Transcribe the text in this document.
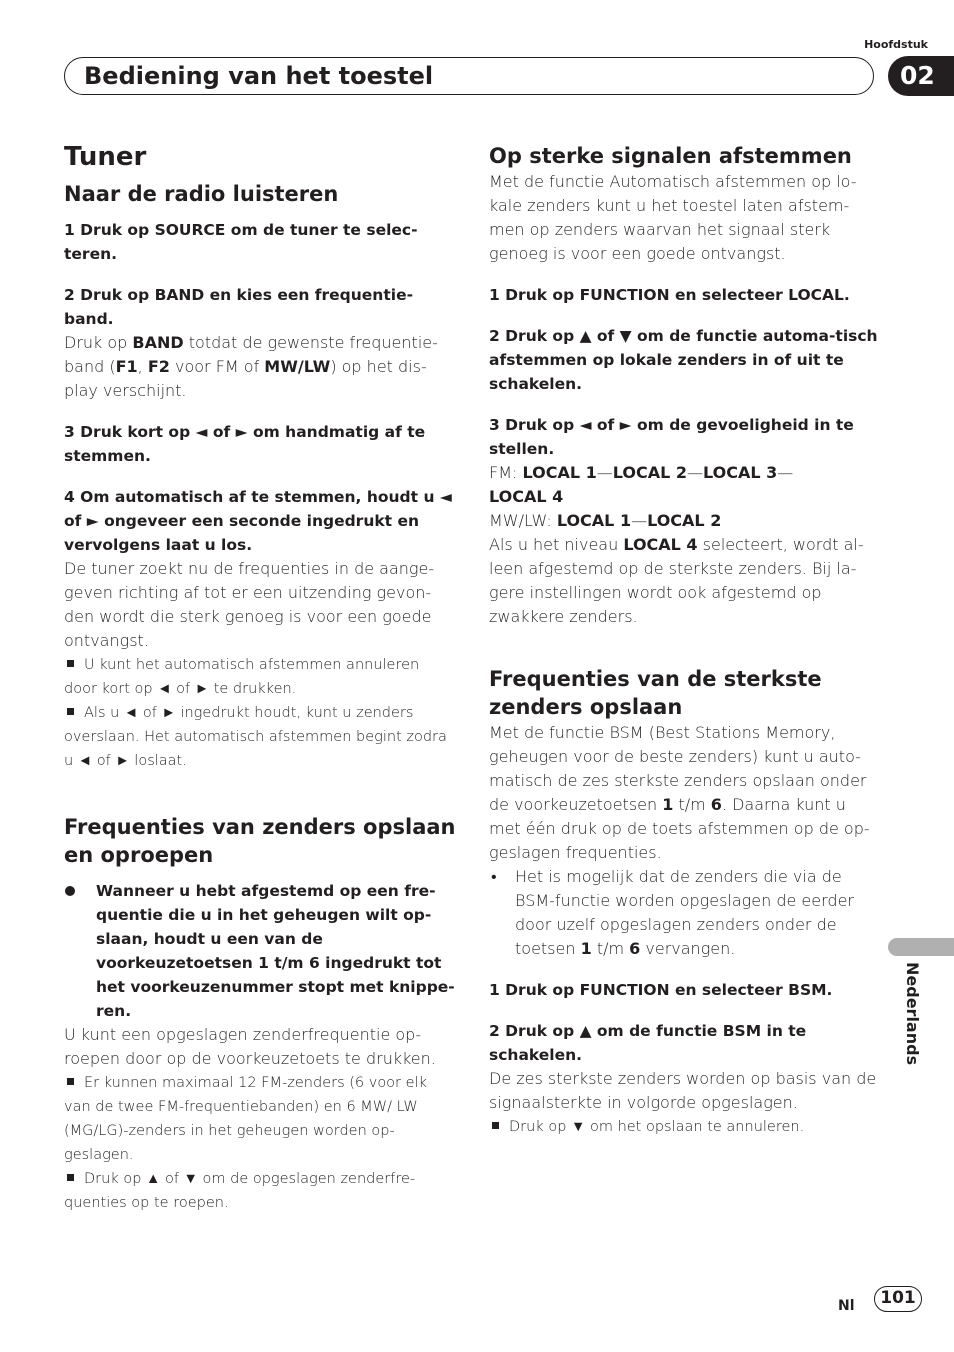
Hoofdstuk
Bediening van het toestel	02
Nederlands
Tuner
Naar de radio luisteren

1 Druk op SOURCE om de tuner te selec-teren.

2 Druk op BAND en kies een frequentie-band.

Druk op BAND totdat de gewenste frequentie-band (F1, F2 voor FM of MW/LW) op het dis-play verschijnt.

3 Druk kort op ◄ of ► om handmatig af te stemmen.

4 Om automatisch af te stemmen, houdt u ◄ of ► ongeveer een seconde ingedrukt en vervolgens laat u los.

De tuner zoekt nu de frequenties in de aange-geven richting af tot er een uitzending gevon-den wordt die sterk genoeg is voor een goede ontvangst.

U kunt het automatisch afstemmen annuleren door kort op ◄ of ► te drukken.

Als u ◄ of ► ingedrukt houdt, kunt u zenders overslaan. Het automatisch afstemmen begint zodra u ◄ of ► loslaat.

Frequenties van zenders opslaan en oproepen

Wanneer u hebt afgestemd op een fre-quentie die u in het geheugen wilt op-slaan, houdt u een van de voorkeuzetoetsen 1 t/m 6 ingedrukt tot het voorkeuzenummer stopt met knippe-ren.

U kunt een opgeslagen zenderfrequentie op-roepen door op de voorkeuzetoets te drukken.

Er kunnen maximaal 12 FM-zenders (6 voor elk van de twee FM-frequentiebanden) en 6 MW/ LW (MG/LG)-zenders in het geheugen worden op-geslagen.

Druk op ▲ of ▼ om de opgeslagen zenderfre-quenties op te roepen.

Op sterke signalen afstemmen

Met de functie Automatisch afstemmen op lo-kale zenders kunt u het toestel laten afstem-men op zenders waarvan het signaal sterk genoeg is voor een goede ontvangst.

1 Druk op FUNCTION en selecteer LOCAL.

2 Druk op ▲ of ▼ om de functie automa-tisch afstemmen op lokale zenders in of uit te schakelen.

3 Druk op ◄ of ► om de gevoeligheid in te stellen.

FM: LOCAL 1—LOCAL 2—LOCAL 3—
LOCAL 4

MW/LW: LOCAL 1—LOCAL 2

Als u het niveau LOCAL 4 selecteert, wordt al-leen afgestemd op de sterkste zenders. Bij la-gere instellingen wordt ook afgestemd op zwakkere zenders.

Frequenties van de sterkste zenders opslaan

Met de functie BSM (Best Stations Memory, geheugen voor de beste zenders) kunt u auto-matisch de zes sterkste zenders opslaan onder de voorkeuzetoetsen 1 t/m 6. Daarna kunt u met één druk op de toets afstemmen op de op-geslagen frequenties.

• Het is mogelijk dat de zenders die via de BSM-functie worden opgeslagen de eerder door uzelf opgeslagen zenders onder de toetsen 1 t/m 6 vervangen.

1 Druk op FUNCTION en selecteer BSM.

2 Druk op ▲ om de functie BSM in te schakelen.

De zes sterkste zenders worden op basis van de signaalsterkte in volgorde opgeslagen.

Druk op ▼ om het opslaan te annuleren.

Nl	101
